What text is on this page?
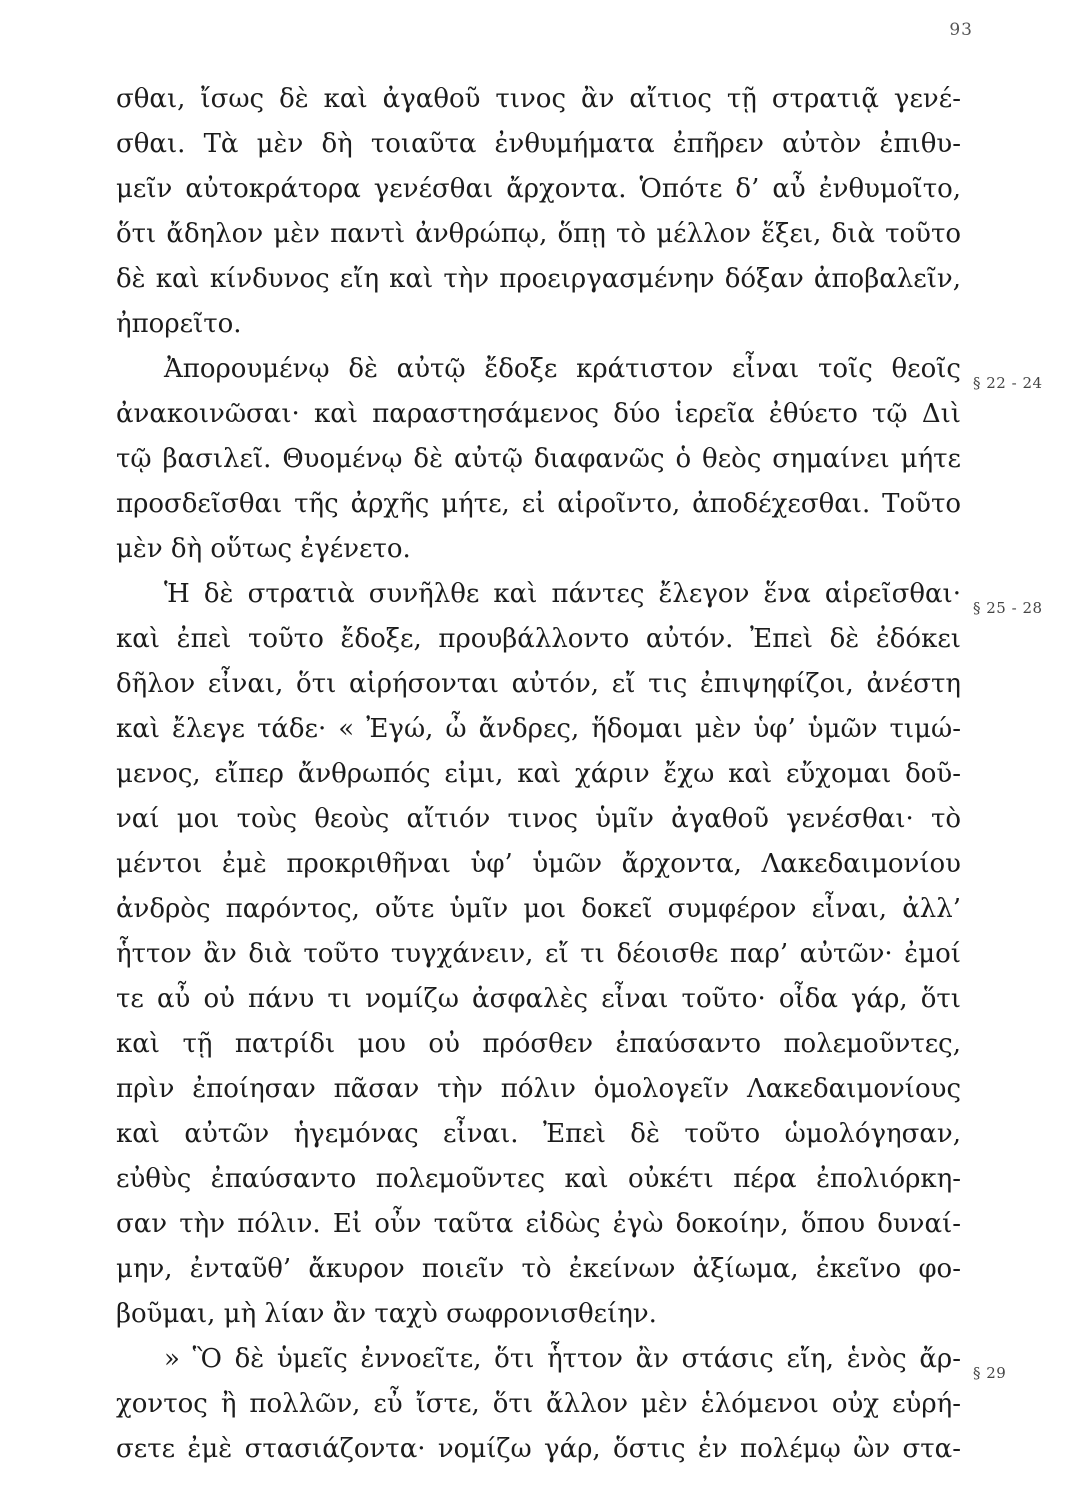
93
σθαι, ἴσως δὲ καὶ ἀγαθοῦ τινος ἂν αἴτιος τῇ στρατιᾷ γενέ-
σθαι. Τὰ μὲν δὴ τοιαῦτα ἐνθυμήματα ἐπῆρεν αὐτὸν ἐπιθυ-
μεῖν αὐτοκράτορα γενέσθαι ἄρχοντα. Ὁπότε δ’ αὖ ἐνθυμοῖτο,
ὅτι ἄδηλον μὲν παντὶ ἀνθρώπῳ, ὅπῃ τὸ μέλλον ἕξει, διὰ τοῦτο
δὲ καὶ κίνδυνος εἴη καὶ τὴν προειργασμένην δόξαν ἀποβαλεῖν,
ἠπορεῖτο.
Ἀπορουμένῳ δὲ αὐτῷ ἔδοξε κράτιστον εἶναι τοῖς θεοῖς
ἀνακοινῶσαι· καὶ παραστησάμενος δύο ἱερεῖα ἐθύετο τῷ Διὶ
τῷ βασιλεῖ. Θυομένῳ δὲ αὐτῷ διαφανῶς ὁ θεὸς σημαίνει μήτε
προσδεῖσθαι τῆς ἀρχῆς μήτε, εἰ αἱροῖντο, ἀποδέχεσθαι. Τοῦτο
μὲν δὴ οὕτως ἐγένετο.
Ἡ δὲ στρατιὰ συνῆλθε καὶ πάντες ἔλεγον ἕνα αἱρεῖσθαι·
καὶ ἐπεὶ τοῦτο ἔδοξε, προυβάλλοντο αὐτόν. Ἐπεὶ δὲ ἐδόκει
δῆλον εἶναι, ὅτι αἱρήσονται αὐτόν, εἴ τις ἐπιψηφίζοι, ἀνέστη
καὶ ἔλεγε τάδε· « Ἐγώ, ὦ ἄνδρες, ἥδομαι μὲν ὑφ’ ὑμῶν τιμώ-
μενος, εἴπερ ἄνθρωπός εἰμι, καὶ χάριν ἔχω καὶ εὔχομαι δοῦ-
ναί μοι τοὺς θεοὺς αἴτιόν τινος ὑμῖν ἀγαθοῦ γενέσθαι· τὸ
μέντοι ἐμὲ προκριθῆναι ὑφ’ ὑμῶν ἄρχοντα, Λακεδαιμονίου
ἀνδρὸς παρόντος, οὔτε ὑμῖν μοι δοκεῖ συμφέρον εἶναι, ἀλλ’
ἧττον ἂν διὰ τοῦτο τυγχάνειν, εἴ τι δέοισθε παρ’ αὐτῶν· ἐμοί
τε αὖ οὐ πάνυ τι νομίζω ἀσφαλὲς εἶναι τοῦτο· οἶδα γάρ, ὅτι
καὶ τῇ πατρίδι μου οὐ πρόσθεν ἐπαύσαντο πολεμοῦντες,
πρὶν ἐποίησαν πᾶσαν τὴν πόλιν ὁμολογεῖν Λακεδαιμονίους
καὶ αὐτῶν ἡγεμόνας εἶναι. Ἐπεὶ δὲ τοῦτο ὡμολόγησαν,
εὐθὺς ἐπαύσαντο πολεμοῦντες καὶ οὐκέτι πέρα ἐπολιόρκη-
σαν τὴν πόλιν. Εἰ οὖν ταῦτα εἰδὼς ἐγὼ δοκοίην, ὅπου δυναί-
μην, ἐνταῦθ’ ἄκυρον ποιεῖν τὸ ἐκείνων ἀξίωμα, ἐκεῖνο φο-
βοῦμαι, μὴ λίαν ἂν ταχὺ σωφρονισθείην.
» Ὃ δὲ ὑμεῖς ἐννοεῖτε, ὅτι ἧττον ἂν στάσις εἴη, ἑνὸς ἄρ-
χοντος ἢ πολλῶν, εὖ ἴστε, ὅτι ἄλλον μὲν ἑλόμενοι οὐχ εὑρή-
σετε ἐμὲ στασιάζοντα· νομίζω γάρ, ὅστις ἐν πολέμῳ ὢν στα-
§ 22 - 24
§ 25 - 28
§ 29
